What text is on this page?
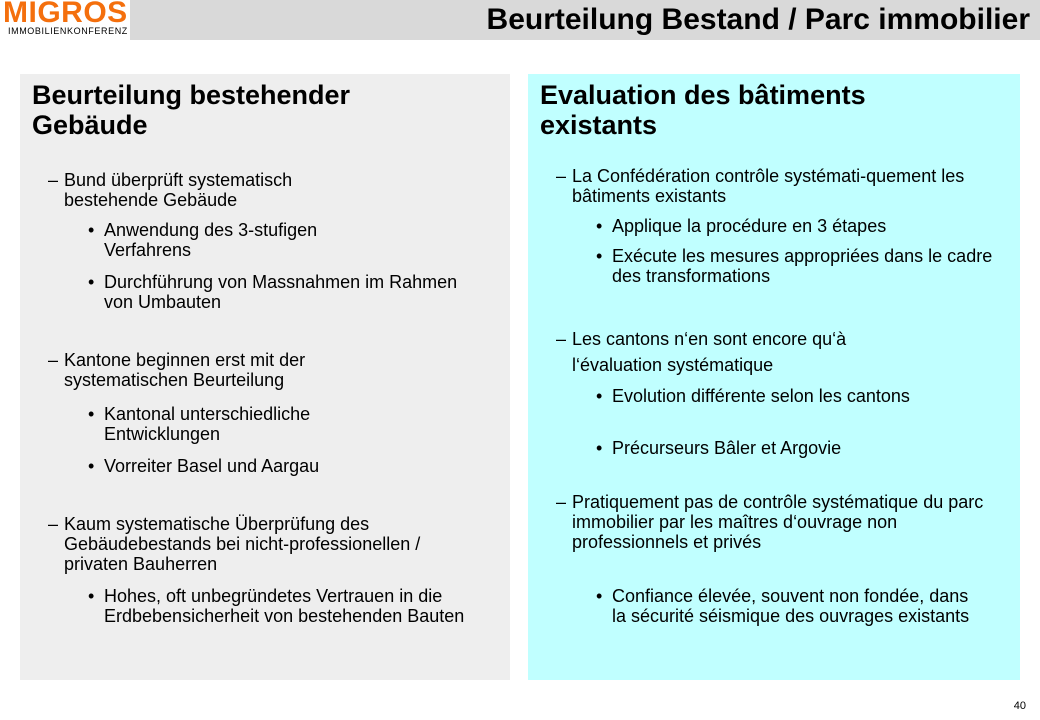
MIGROS
IMMOBILIENKONFERENZ	Beurteilung Bestand / Parc immobilier
Beurteilung bestehender Gebäude
– Bund überprüft systematisch bestehende Gebäude
• Anwendung des 3-stufigen Verfahrens
• Durchführung von Massnahmen im Rahmen von Umbauten
– Kantone beginnen erst mit der systematischen Beurteilung
• Kantonal unterschiedliche Entwicklungen
• Vorreiter Basel und Aargau
– Kaum systematische Überprüfung des Gebäudebestands bei nicht-professionellen / privaten Bauherren
• Hohes, oft unbegründetes Vertrauen in die Erdbebensicherheit von bestehenden Bauten
Evaluation des bâtiments existants
– La Confédération contrôle systémati-quement les bâtiments existants
• Applique la procédure en 3 étapes
• Exécute les mesures appropriées dans le cadre des transformations
– Les cantons n‘en sont encore qu‘à l‘évaluation systématique
• Evolution différente selon les cantons
• Précurseurs Bâler et Argovie
– Pratiquement pas de contrôle systématique du parc immobilier par les maîtres d‘ouvrage non professionnels et privés
• Confiance élevée, souvent non fondée, dans la sécurité séismique des ouvrages existants
40
